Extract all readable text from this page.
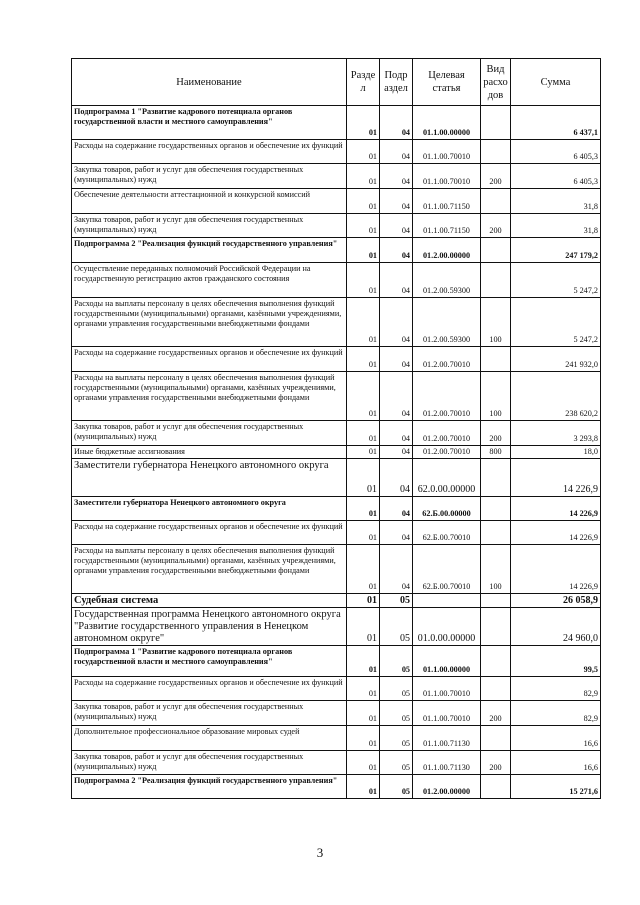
Наименование	Разде л	Подр аздел	Целевая статья	Вид расхо дов	Сумма
Подпрограмма 1 "Развитие кадрового потенциала органов государственной власти и местного самоуправления"	01	04	01.1.00.00000		6 437,1
Расходы на содержание государственных органов и обеспечение их функций	01	04	01.1.00.70010		6 405,3
Закупка товаров, работ и услуг для обеспечения государственных (муниципальных) нужд	01	04	01.1.00.70010	200	6 405,3
Обеспечение деятельности аттестационной и конкурсной комиссий	01	04	01.1.00.71150		31,8
Закупка товаров, работ и услуг для обеспечения государственных (муниципальных) нужд	01	04	01.1.00.71150	200	31,8
Подпрограмма 2 "Реализация функций государственного управления"	01	04	01.2.00.00000		247 179,2
Осуществление переданных полномочий Российской Федерации на государственную регистрацию актов гражданского состояния	01	04	01.2.00.59300		5 247,2
Расходы на выплаты персоналу в целях обеспечения выполнения функций государственными (муниципальными) органами, казёнными учреждениями, органами управления государственными внебюджетными фондами	01	04	01.2.00.59300	100	5 247,2
Расходы на содержание государственных органов и обеспечение их функций	01	04	01.2.00.70010		241 932,0
Расходы на выплаты персоналу в целях обеспечения выполнения функций государственными (муниципальными) органами, казённых учреждениями, органами управления государственными внебюджетными фондами	01	04	01.2.00.70010	100	238 620,2
Закупка товаров, работ и услуг для обеспечения государственных (муниципальных) нужд	01	04	01.2.00.70010	200	3 293,8
Иные бюджетные ассигнования	01	04	01.2.00.70010	800	18,0
Заместители губернатора Ненецкого автономного округа	01	04	62.0.00.00000		14 226,9
Заместители губернатора Ненецкого автономного округа	01	04	62.Б.00.00000		14 226,9
Расходы на содержание государственных органов и обеспечение их функций	01	04	62.Б.00.70010		14 226,9
Расходы на выплаты персоналу в целях обеспечения выполнения функций государственными (муниципальными) органами, казённых учреждениями, органами управления государственными внебюджетными фондами	01	04	62.Б.00.70010	100	14 226,9
Судебная система	01	05			26 058,9
Государственная программа Ненецкого автономного округа "Развитие государственного управления в Ненецком автономном округе"	01	05	01.0.00.00000		24 960,0
Подпрограмма 1 "Развитие кадрового потенциала органов государственной власти и местного самоуправления"	01	05	01.1.00.00000		99,5
Расходы на содержание государственных органов и обеспечение их функций	01	05	01.1.00.70010		82,9
Закупка товаров, работ и услуг для обеспечения государственных (муниципальных) нужд	01	05	01.1.00.70010	200	82,9
Дополнительное профессиональное образование мировых судей	01	05	01.1.00.71130		16,6
Закупка товаров, работ и услуг для обеспечения государственных (муниципальных) нужд	01	05	01.1.00.71130	200	16,6
Подпрограмма 2 "Реализация функций государственного управления"	01	05	01.2.00.00000		15 271,6
3
